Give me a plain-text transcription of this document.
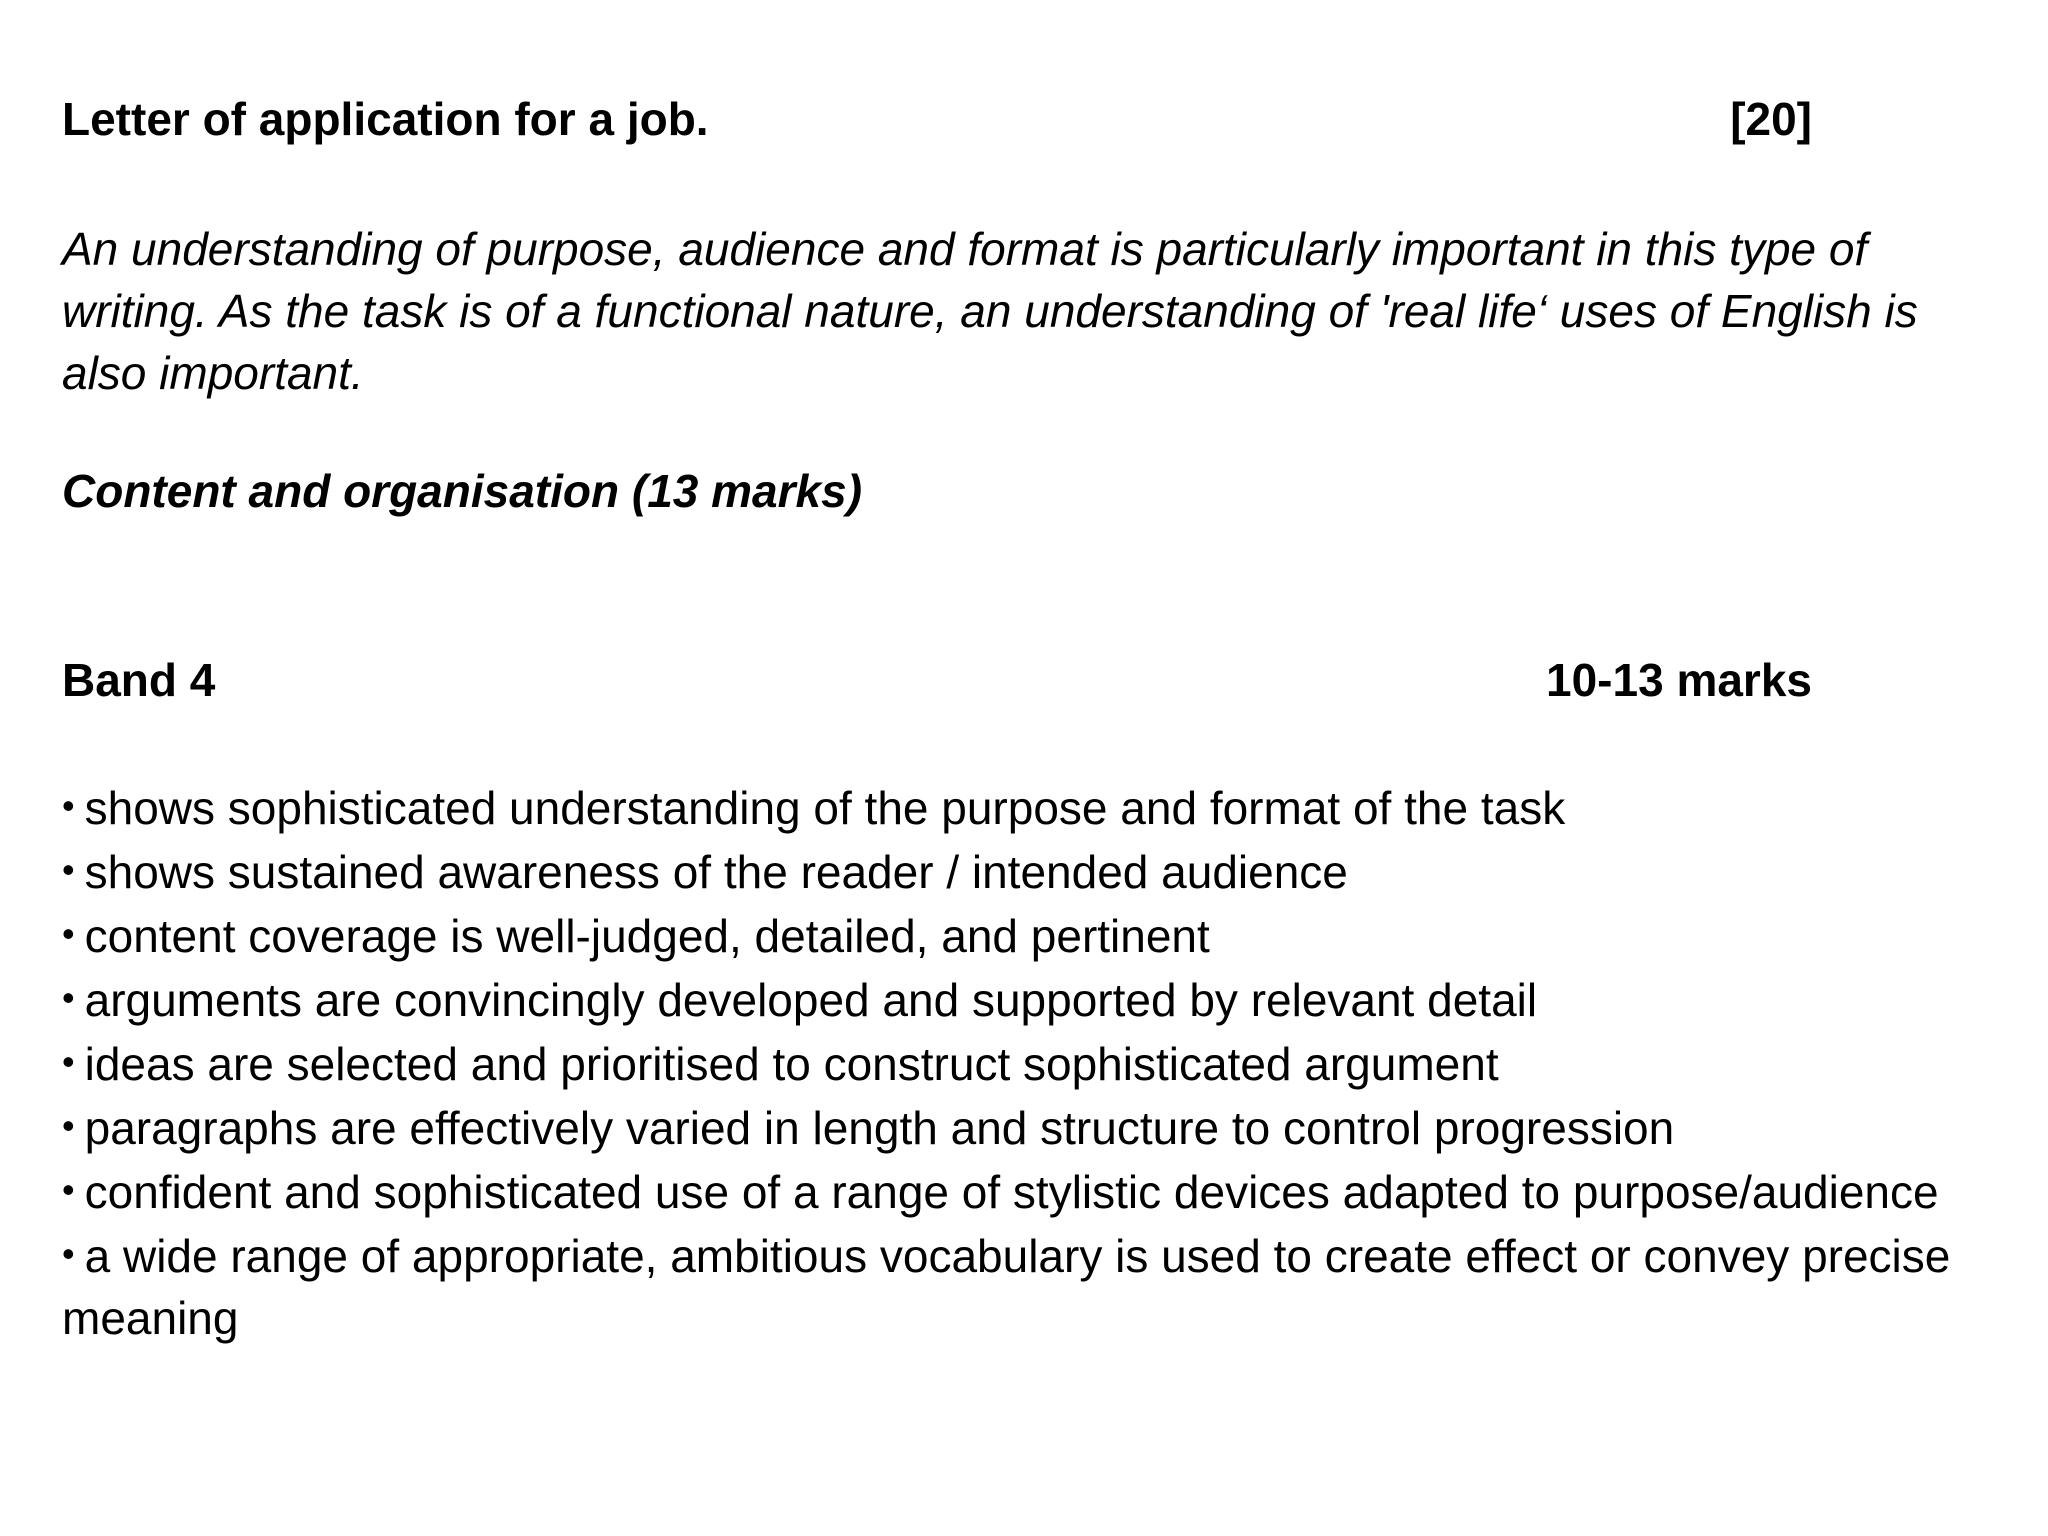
Letter of application for a job.	[20]

An understanding of purpose, audience and format is particularly important in this type of writing. As the task is of a functional nature, an understanding of 'real life‘ uses of English is also important.

Content and organisation (13 marks)

Band 4	10-13 marks
• shows sophisticated understanding of the purpose and format of the task
• shows sustained awareness of the reader / intended audience
• content coverage is well-judged, detailed, and pertinent
• arguments are convincingly developed and supported by relevant detail
• ideas are selected and prioritised to construct sophisticated argument
• paragraphs are effectively varied in length and structure to control progression
• confident and sophisticated use of a range of stylistic devices adapted to purpose/audience
• a wide range of appropriate, ambitious vocabulary is used to create effect or convey precise meaning
